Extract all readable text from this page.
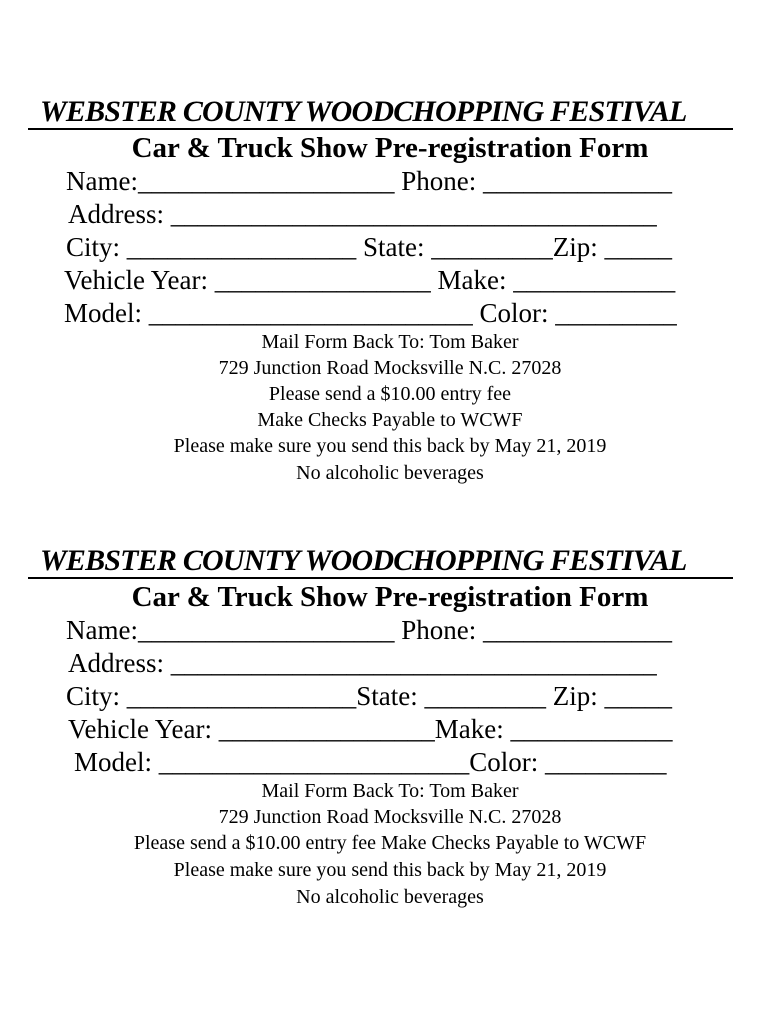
WEBSTER COUNTY WOODCHOPPING FESTIVAL
Car & Truck Show Pre-registration Form
Name:___________________ Phone: ______________
Address: ____________________________________
City: _________________ State: _________Zip: _____
Vehicle Year: ________________ Make: ____________
Model: ________________________ Color: _________
Mail Form Back To: Tom Baker
729 Junction Road Mocksville N.C. 27028
Please send a $10.00 entry fee
Make Checks Payable to WCWF
Please make sure you send this back by May 21, 2019
No alcoholic beverages
WEBSTER COUNTY WOODCHOPPING FESTIVAL
Car & Truck Show Pre-registration Form
Name:___________________ Phone: ______________
Address: ____________________________________
City: _________________State: _________ Zip: _____
Vehicle Year: ________________Make: ____________
Model: _______________________Color: _________
Mail Form Back To: Tom Baker
729 Junction Road Mocksville N.C. 27028
Please send a $10.00 entry fee Make Checks Payable to WCWF
Please make sure you send this back by May 21, 2019
No alcoholic beverages
